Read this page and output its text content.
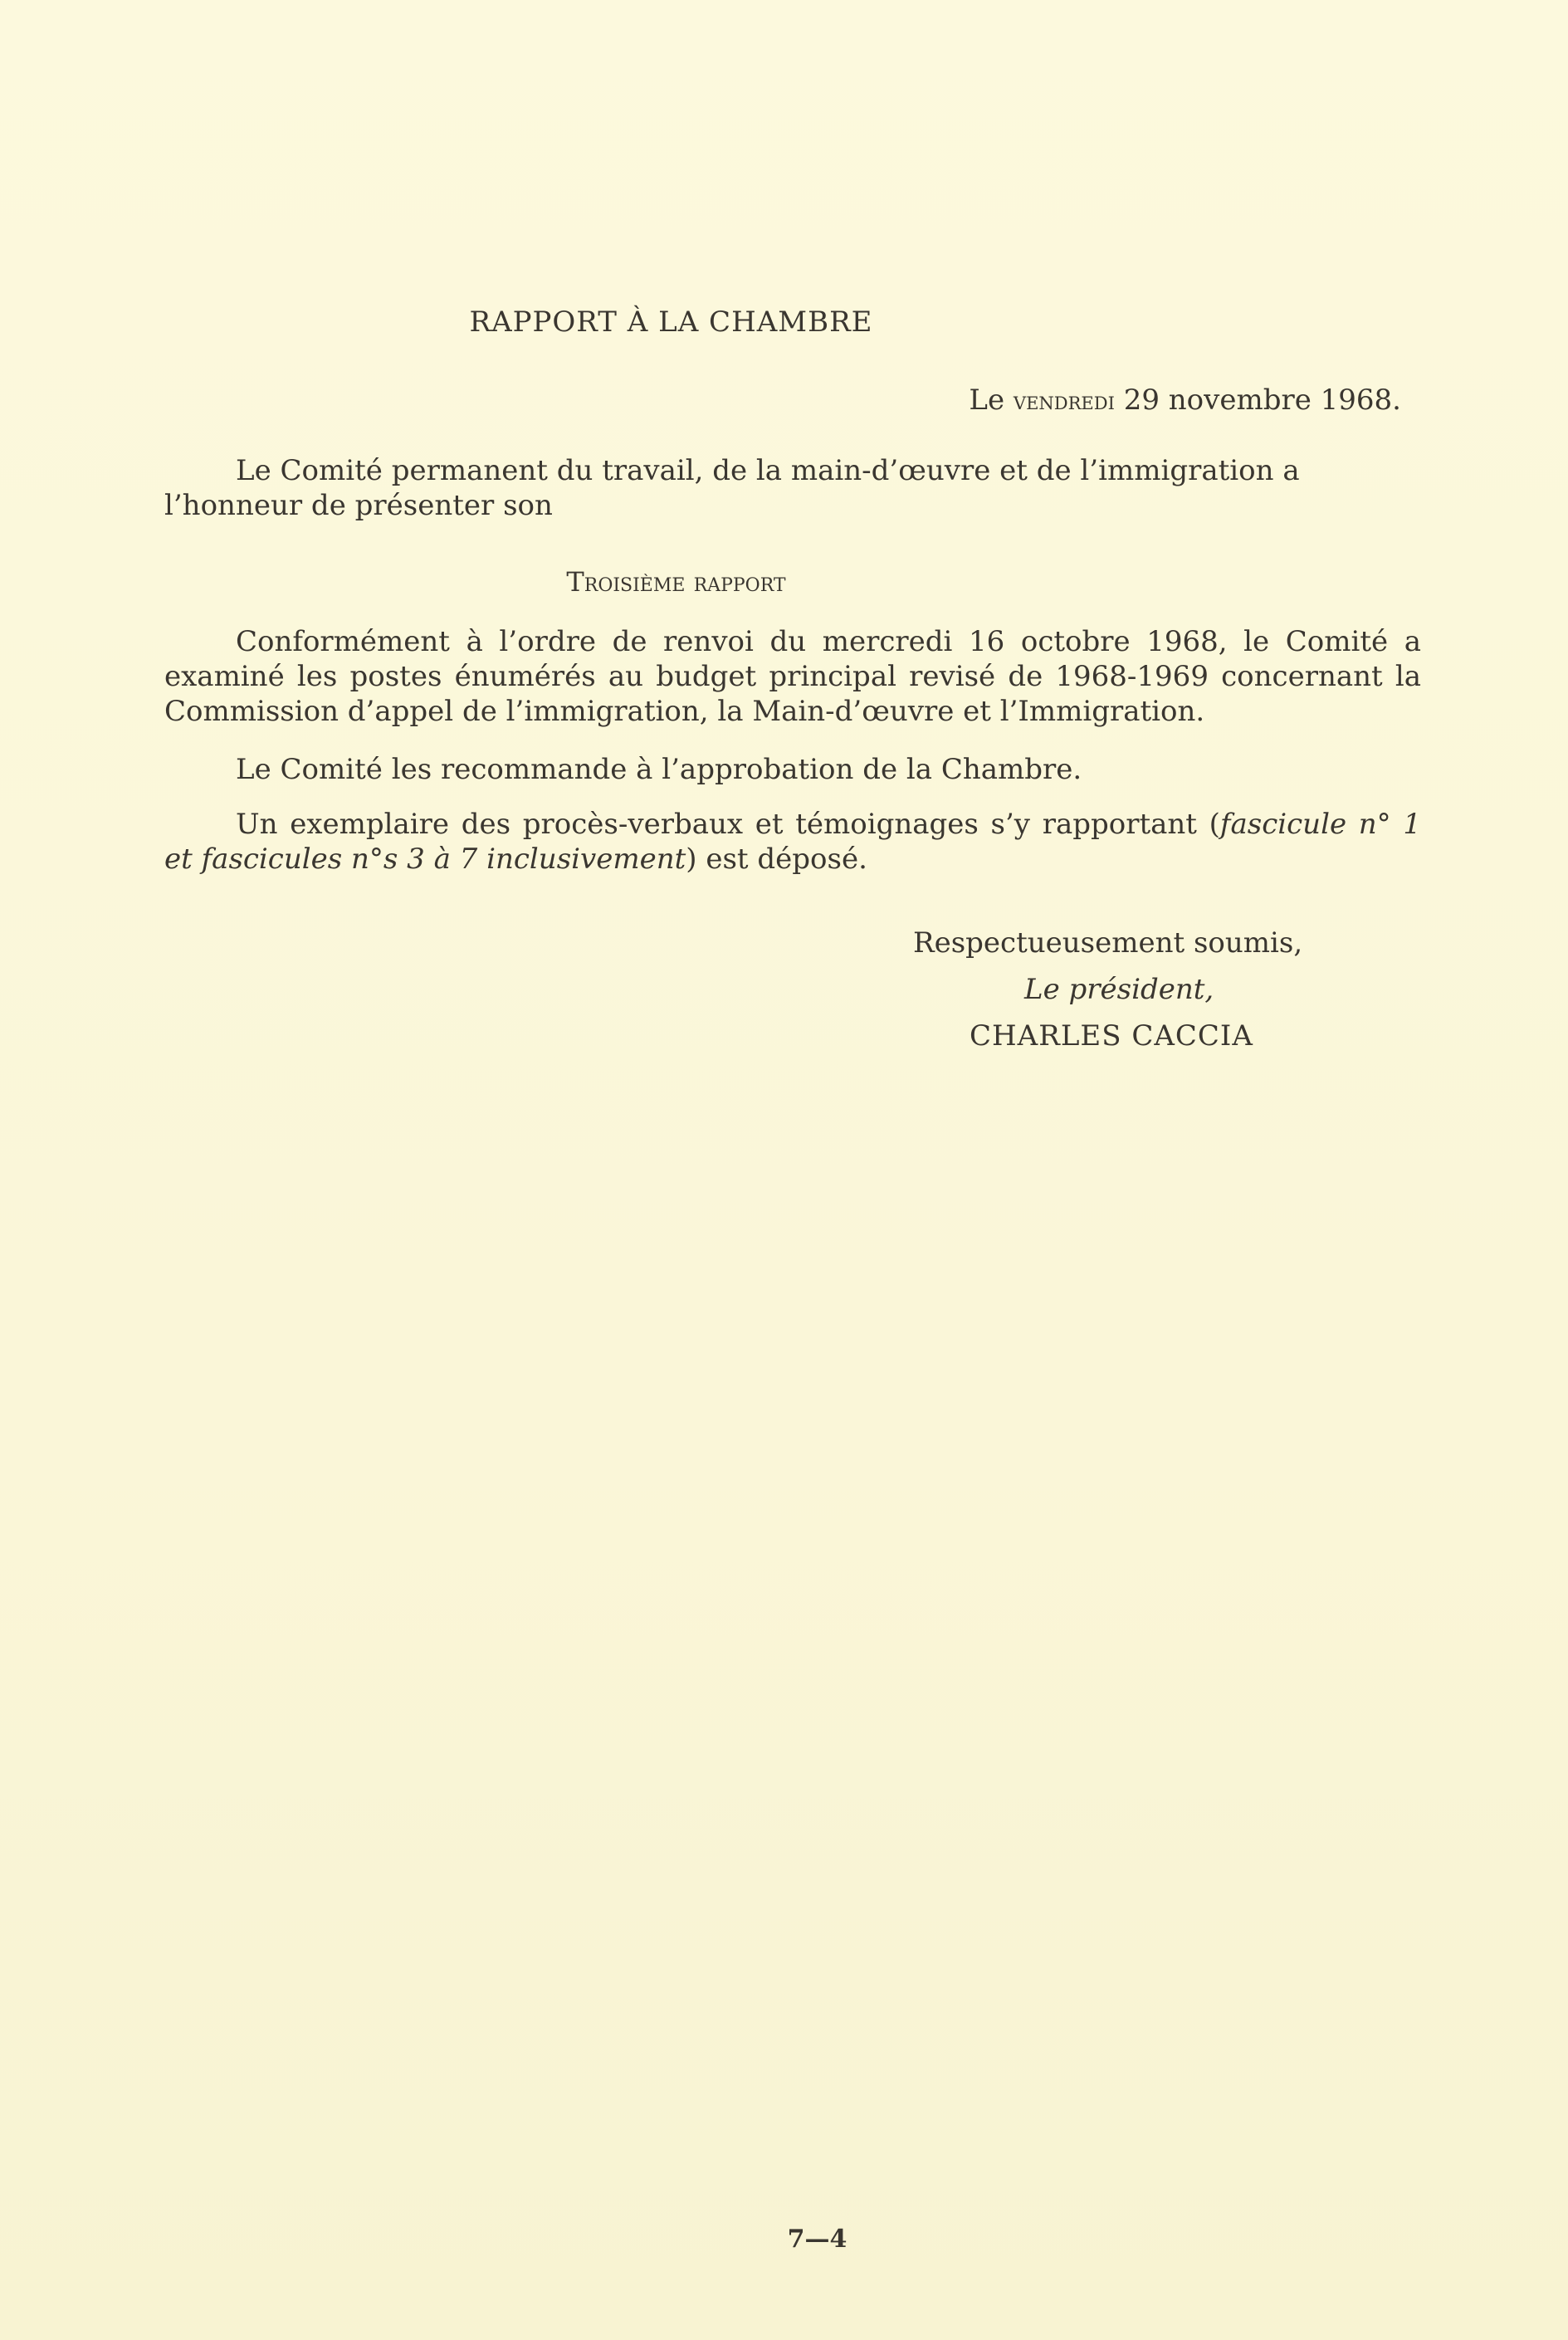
RAPPORT À LA CHAMBRE
Le vendredi 29 novembre 1968.
Le Comité permanent du travail, de la main-d’œuvre et de l’immigration a
l’honneur de présenter son
Troisième rapport
Conformément à l’ordre de renvoi du mercredi 16 octobre 1968, le Comité a examiné les postes énumérés au budget principal revisé de 1968-1969 concernant la Commission d’appel de l’immigration, la Main-d’œuvre et l’Immigration.
Le Comité les recommande à l’approbation de la Chambre.
Un exemplaire des procès-verbaux et témoignages s’y rapportant (fascicule n° 1 et fascicules n°s 3 à 7 inclusivement) est déposé.
Respectueusement soumis,
Le président,
CHARLES CACCIA
7—4
